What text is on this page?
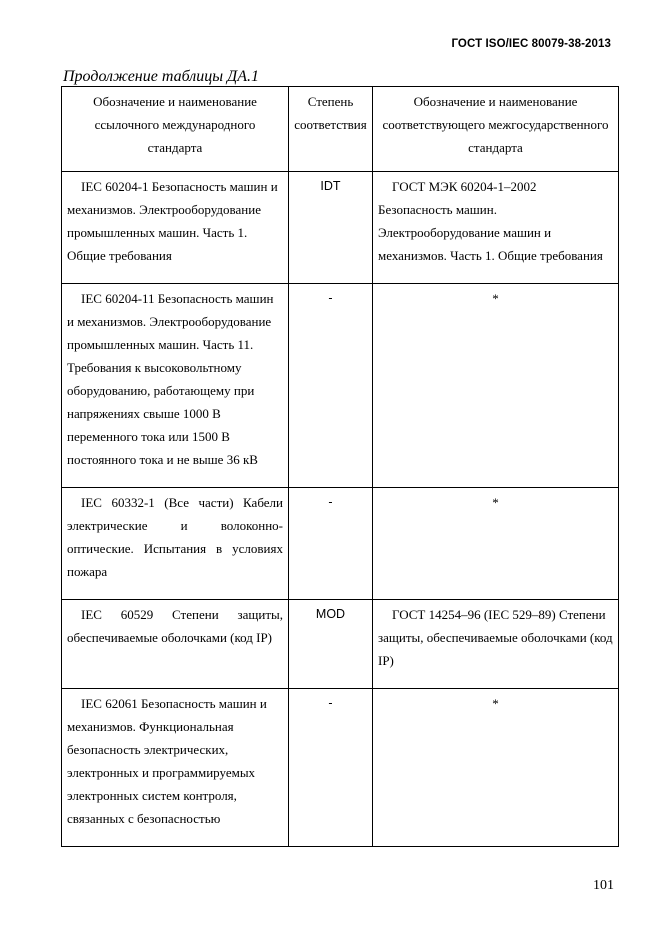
ГОСТ ISO/IEC 80079-38-2013
Продолжение таблицы ДА.1
Обозначение и наименование ссылочного международного стандарта	Степень соответствия	Обозначение и наименование соответствующего межгосударственного стандарта
IEC 60204-1 Безопасность машин и механизмов. Электрооборудование промышленных машин. Часть 1. Общие требования	IDT	ГОСТ МЭК 60204-1–2002 Безопасность машин. Электрооборудование машин и механизмов. Часть 1. Общие требования
IEC 60204-11 Безопасность машин и механизмов. Электрооборудование промышленных машин. Часть 11. Требования к высоковольтному оборудованию, работающему при напряжениях свыше 1000 В переменного тока или 1500 В постоянного тока и не выше 36 кВ	-	*
IEC 60332-1 (Все части) Кабели электрические и волоконно-оптические. Испытания в условиях пожара	-	*
IEC 60529 Степени защиты, обеспечиваемые оболочками (код IP)	MOD	ГОСТ 14254–96 (IEC 529–89) Степени защиты, обеспечиваемые оболочками (код IP)
IEC 62061 Безопасность машин и механизмов. Функциональная безопасность электрических, электронных и программируемых электронных систем контроля, связанных с безопасностью	-	*
101
